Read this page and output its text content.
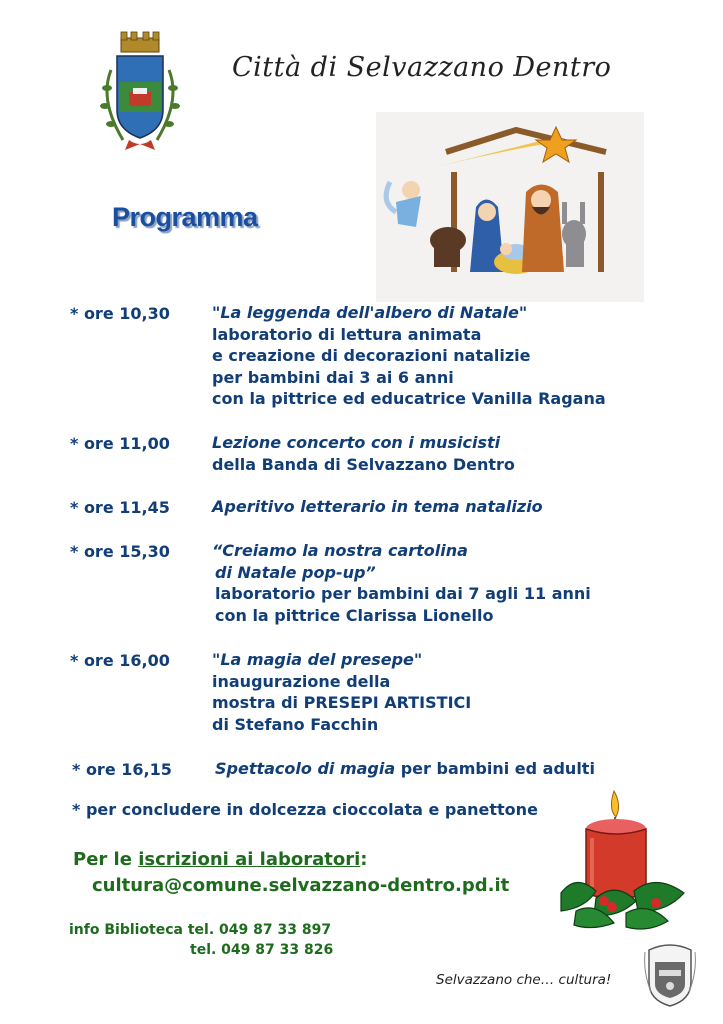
Città di Selvazzano Dentro
Programma
* ore 10,30	"La leggenda dell'albero di Natale"
laboratorio di lettura animata
e creazione di decorazioni natalizie
per bambini dai 3 ai 6 anni
con la pittrice ed educatrice Vanilla Ragana
* ore 11,00	Lezione concerto con i musicisti
della Banda di Selvazzano Dentro
* ore 11,45	Aperitivo letterario in tema natalizio
* ore 15,30	“Creiamo la nostra cartolina
di Natale pop-up”
laboratorio per bambini dai 7 agli 11 anni
con la pittrice Clarissa Lionello
* ore 16,00	"La magia del presepe"
inaugurazione della
mostra di PRESEPI ARTISTICI
di Stefano Facchin
* ore 16,15	Spettacolo di magia per bambini ed adulti
* per concludere in dolcezza cioccolata e panettone
Per le iscrizioni ai laboratori:
cultura@comune.selvazzano-dentro.pd.it
info Biblioteca tel. 049 87 33 897
tel. 049 87 33 826
Selvazzano che… cultura!
